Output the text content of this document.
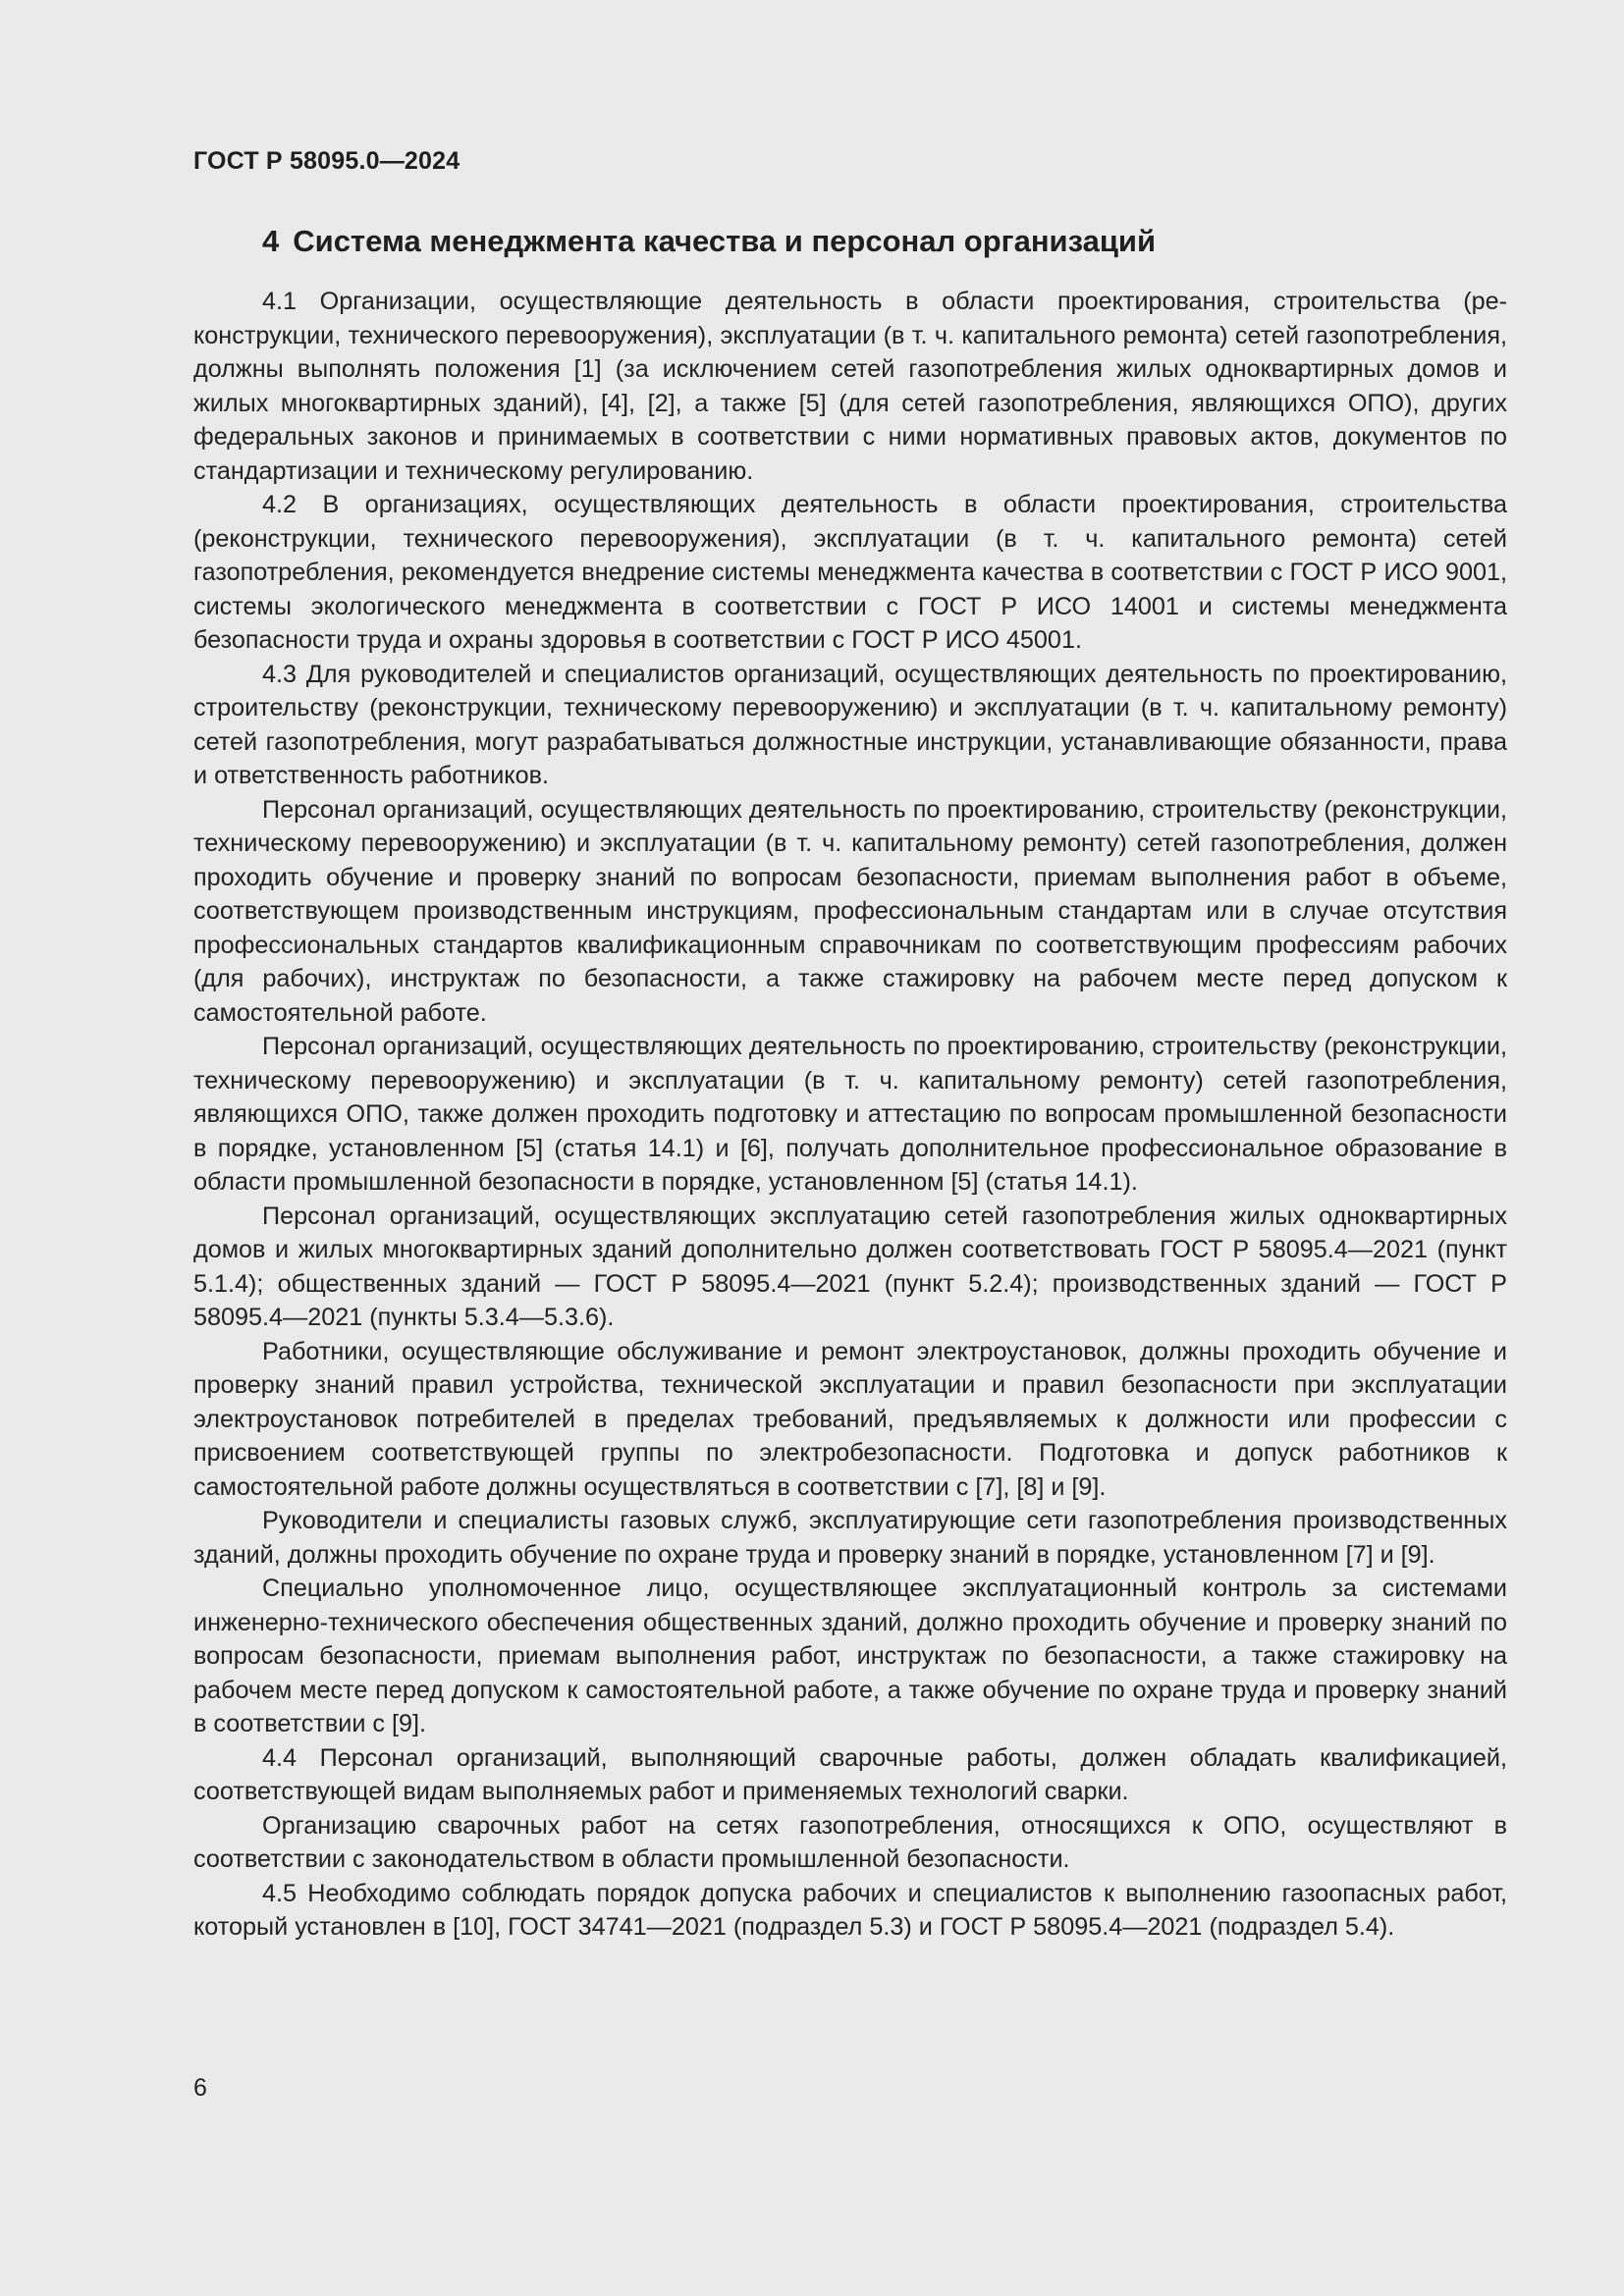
ГОСТ Р 58095.0—2024
4 Система менеджмента качества и персонал организаций

4.1 Организации, осуществляющие деятельность в области проектирования, строительства (реконструкции, технического перевооружения), эксплуатации (в т. ч. капитального ремонта) сетей газопотребления, должны выполнять положения [1] (за исключением сетей газопотребления жилых одноквартирных домов и жилых многоквартирных зданий), [4], [2], а также [5] (для сетей газопотребления, являющихся ОПО), других федеральных законов и принимаемых в соответствии с ними нормативных правовых актов, документов по стандартизации и техническому регулированию.

4.2 В организациях, осуществляющих деятельность в области проектирования, строительства (реконструкции, технического перевооружения), эксплуатации (в т. ч. капитального ремонта) сетей газопотребления, рекомендуется внедрение системы менеджмента качества в соответствии с ГОСТ Р ИСО 9001, системы экологического менеджмента в соответствии с ГОСТ Р ИСО 14001 и системы менеджмента безопасности труда и охраны здоровья в соответствии с ГОСТ Р ИСО 45001.

4.3 Для руководителей и специалистов организаций, осуществляющих деятельность по проектированию, строительству (реконструкции, техническому перевооружению) и эксплуатации (в т. ч. капитальному ремонту) сетей газопотребления, могут разрабатываться должностные инструкции, устанавливающие обязанности, права и ответственность работников.

Персонал организаций, осуществляющих деятельность по проектированию, строительству (реконструкции, техническому перевооружению) и эксплуатации (в т. ч. капитальному ремонту) сетей газопотребления, должен проходить обучение и проверку знаний по вопросам безопасности, приемам выполнения работ в объеме, соответствующем производственным инструкциям, профессиональным стандартам или в случае отсутствия профессиональных стандартов квалификационным справочникам по соответствующим профессиям рабочих (для рабочих), инструктаж по безопасности, а также стажировку на рабочем месте перед допуском к самостоятельной работе.

Персонал организаций, осуществляющих деятельность по проектированию, строительству (реконструкции, техническому перевооружению) и эксплуатации (в т. ч. капитальному ремонту) сетей газопотребления, являющихся ОПО, также должен проходить подготовку и аттестацию по вопросам промышленной безопасности в порядке, установленном [5] (статья 14.1) и [6], получать дополнительное профессиональное образование в области промышленной безопасности в порядке, установленном [5] (статья 14.1).

Персонал организаций, осуществляющих эксплуатацию сетей газопотребления жилых одноквартирных домов и жилых многоквартирных зданий дополнительно должен соответствовать ГОСТ Р 58095.4—2021 (пункт 5.1.4); общественных зданий — ГОСТ Р 58095.4—2021 (пункт 5.2.4); производственных зданий — ГОСТ Р 58095.4—2021 (пункты 5.3.4—5.3.6).

Работники, осуществляющие обслуживание и ремонт электроустановок, должны проходить обучение и проверку знаний правил устройства, технической эксплуатации и правил безопасности при эксплуатации электроустановок потребителей в пределах требований, предъявляемых к должности или профессии с присвоением соответствующей группы по электробезопасности. Подготовка и допуск работников к самостоятельной работе должны осуществляться в соответствии с [7], [8] и [9].

Руководители и специалисты газовых служб, эксплуатирующие сети газопотребления производственных зданий, должны проходить обучение по охране труда и проверку знаний в порядке, установленном [7] и [9].

Специально уполномоченное лицо, осуществляющее эксплуатационный контроль за системами инженерно-технического обеспечения общественных зданий, должно проходить обучение и проверку знаний по вопросам безопасности, приемам выполнения работ, инструктаж по безопасности, а также стажировку на рабочем месте перед допуском к самостоятельной работе, а также обучение по охране труда и проверку знаний в соответствии с [9].

4.4 Персонал организаций, выполняющий сварочные работы, должен обладать квалификацией, соответствующей видам выполняемых работ и применяемых технологий сварки.

Организацию сварочных работ на сетях газопотребления, относящихся к ОПО, осуществляют в соответствии с законодательством в области промышленной безопасности.

4.5 Необходимо соблюдать порядок допуска рабочих и специалистов к выполнению газоопасных работ, который установлен в [10], ГОСТ 34741—2021 (подраздел 5.3) и ГОСТ Р 58095.4—2021 (подраздел 5.4).

6
